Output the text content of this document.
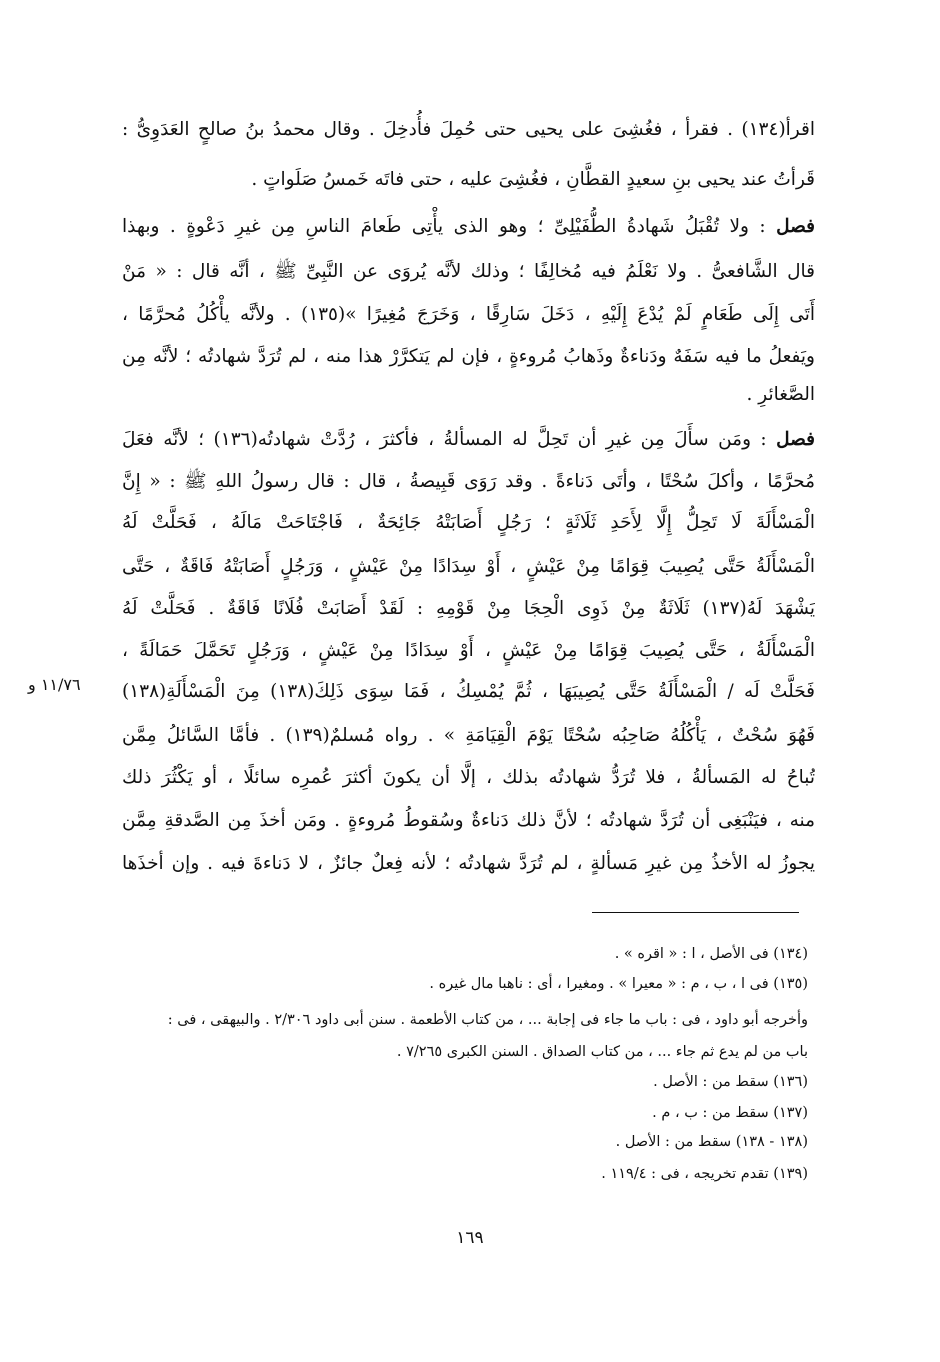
اقرأ(١٣٤) . فقرأ ، فغُشِىَ على يحيى حتى حُمِلَ فأُدخِلَ . وقال محمدُ بنُ صالحٍ العَدَوِىُّ :
قَرأتُ عند يحيى بنِ سعيدٍ القطَّانِ ، فغُشِىَ عليه ، حتى فاتَه خَمسُ صَلَواتٍ .
فصل : ولا تُقْبَلُ شَهادةُ الطُّفَيْلِىِّ ؛ وهو الذى يأْتِى طَعامَ الناسِ مِن غيرِ دَعْوةٍ . وبهذا
قال الشَّافعىُّ . ولا نَعْلَمُ فيه مُخالِفًا ؛ وذلك لأنَّه يُروَى عن النَّبِىِّ ﷺ ، أنَّه قال : « مَنْ
أَتَى إِلَى طَعَامٍ لَمْ يُدْعَ إِلَيْهِ ، دَخَلَ سَارِقًا ، وَخَرَجَ مُغِيرًا »(١٣٥) . ولأنَّه يأْكُلُ مُحرَّمًا ،
ويَفعلُ ما فيه سَفَهٌ ودَناءةٌ وذَهابُ مُروءةٍ ، فإن لم يَتكرَّرْ هذا منه ، لم تُرَدَّ شهادتُه ؛ لأنَّه مِن
الصَّغائرِ .
فصل : ومَن سأَلَ مِن غيرِ أن تَحِلَّ له المسألةُ ، فأكثرَ ، رُدَّتْ شهادتُه(١٣٦) ؛ لأنَّه فعَلَ
مُحرَّمًا ، وأكلَ سُحْتًا ، وأتَى دَناءةً . وقد رَوَى قَبِيصةُ ، قال : قال رسولُ اللهِ ﷺ : « إِنَّ
الْمَسْأَلَةَ لَا تَحِلُّ إِلَّا لِأَحَدِ ثَلَاثَةٍ ؛ رَجُلٍ أَصَابَتْهُ جَائِحَةٌ ، فَاجْتَاحَتْ مَالَهُ ، فَحَلَّتْ لَهُ
الْمَسْأَلَةُ حَتَّى يُصِيبَ قِوَامًا مِنْ عَيْشٍ ، أَوْ سِدَادًا مِنْ عَيْشٍ ، وَرَجُلٍ أَصَابَتْهُ فَاقَةٌ ، حَتَّى
يَشْهَدَ لَهُ(١٣٧) ثَلَاثَةٌ مِنْ ذَوِى الْحِجَا مِنْ قَوْمِهِ : لَقَدْ أَصَابَتْ فُلَانًا فَاقَةٌ . فَحَلَّتْ لَهُ
الْمَسْأَلَةُ ، حَتَّى يُصِيبَ قِوَامًا مِنْ عَيْشٍ ، أَوْ سِدَادًا مِنْ عَيْشٍ ، وَرَجُلٍ تَحَمَّلَ حَمَالَةً ،
فَحَلَّتْ لَه / الْمَسْأَلَةُ حَتَّى يُصِيبَهَا ، ثُمَّ يُمْسِكُ ، فَمَا سِوَى ذَلِكَ(١٣٨) مِنَ الْمَسْأَلَةِ(١٣٨)
فَهُوَ سُحْتٌ ، يَأْكُلُهُ صَاحِبُه سُحْتًا يَوْمَ الْقِيَامَةِ » . رواه مُسلمٌ(١٣٩) . فأمَّا السَّائلُ مِمَّن
تُباحُ له المَسألةُ ، فلا تُرَدُّ شهادتُه بذلك ، إلَّا أن يكونَ أكثرَ عُمرِه سائلًا ، أو يَكْثُرَ ذلك
منه ، فيَنْبَغِى أن تُرَدَّ شهادتُه ؛ لأنَّ ذلك دَناءةٌ وسُقوطُ مُروءةٍ . ومَن أخذَ مِن الصَّدقةِ مِمَّن
يجوزُ له الأخذُ مِن غيرِ مَسألةٍ ، لم تُرَدَّ شهادتُه ؛ لأنه فِعلٌ جائزٌ ، لا دَناءةَ فيه . وإن أخذَها
١١/٧٦ و
(١٣٤) فى الأصل ، ا : « اقره » .
(١٣٥) فى ا ، ب ، م : « معيرا » . ومغيرا ، أى : ناهبا مال غيره .
وأخرجه أبو داود ، فى : باب ما جاء فى إجابة ... ، من كتاب الأطعمة . سنن أبى داود ٢/٣٠٦ . والبيهقى ، فى :
باب من لم يدع ثم جاء ... ، من كتاب الصداق . السنن الكبرى ٧/٢٦٥ .
(١٣٦) سقط من : الأصل .
(١٣٧) سقط من : ب ، م .
(١٣٨ - ١٣٨) سقط من : الأصل .
(١٣٩) تقدم تخريجه ، فى : ١١٩/٤ .
١٦٩
